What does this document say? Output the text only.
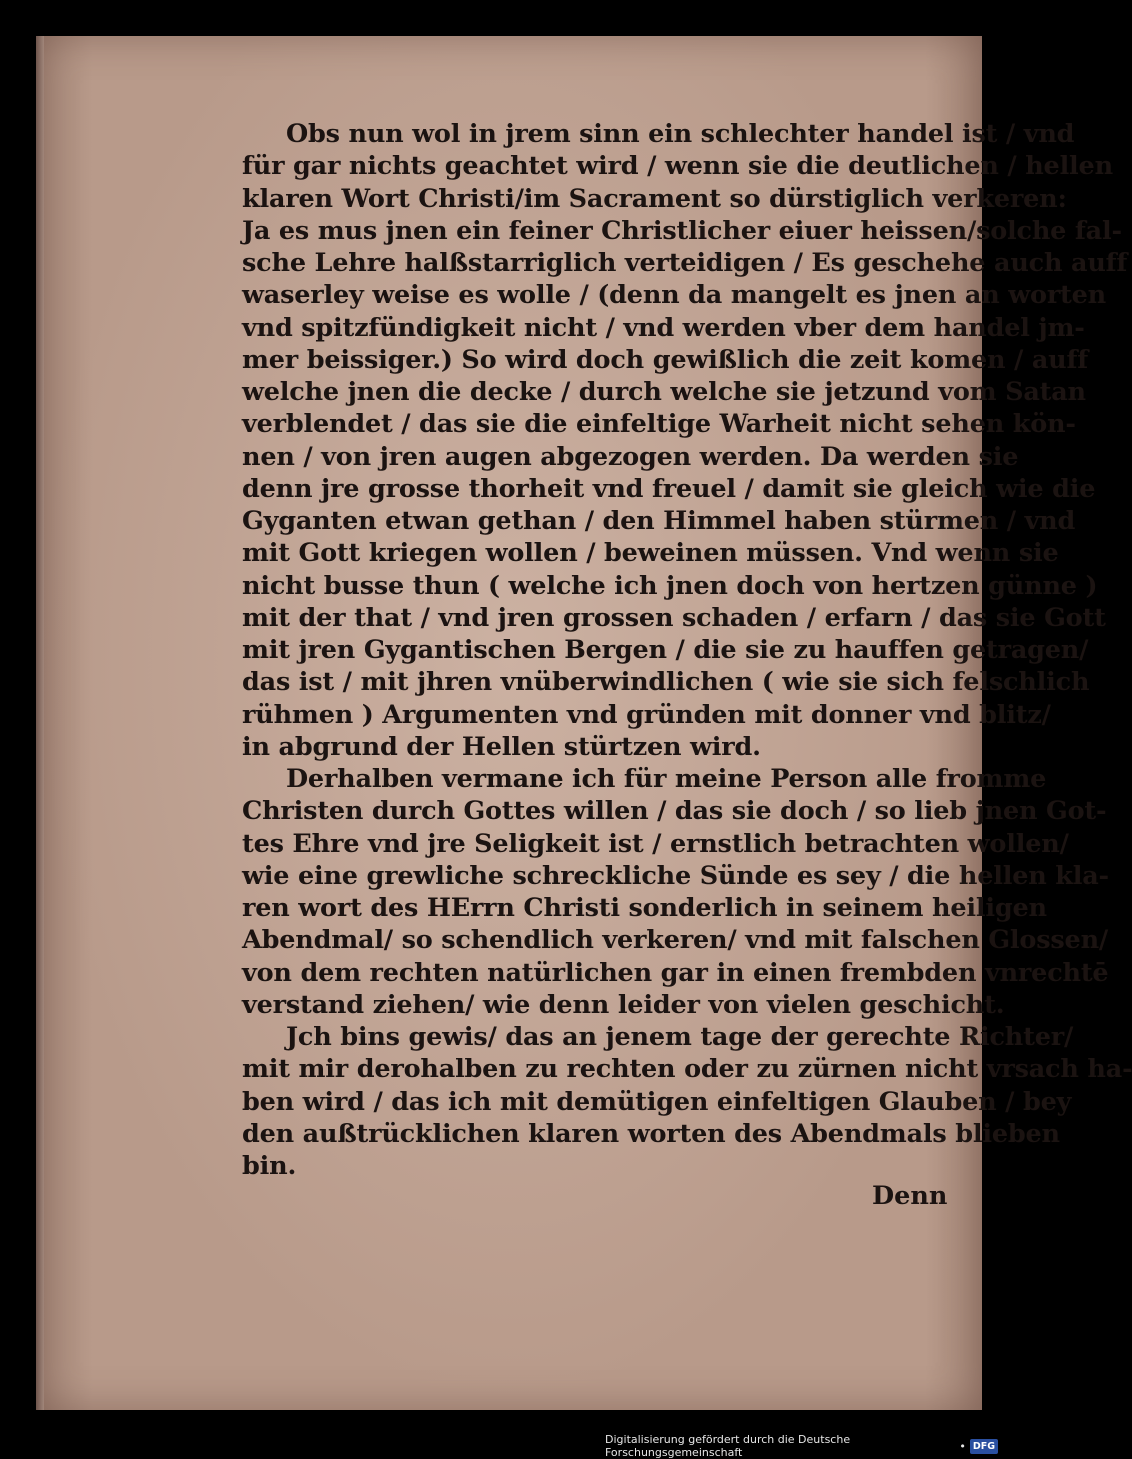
Obs nun wol in jrem sinn ein schlechter handel ist / vnd
für gar nichts geachtet wird / wenn sie die deutlichen / hellen
klaren Wort Christi/im Sacrament so dürstiglich verkeren:
Ja es mus jnen ein feiner Christlicher eiuer heissen/solche fal-
sche Lehre halßstarriglich verteidigen / Es geschehe auch auff
waserley weise es wolle / (denn da mangelt es jnen an worten
vnd spitzfündigkeit nicht / vnd werden vber dem handel jm-
mer beissiger.) So wird doch gewißlich die zeit komen / auff
welche jnen die decke / durch welche sie jetzund vom Satan
verblendet / das sie die einfeltige Warheit nicht sehen kön-
nen / von jren augen abgezogen werden. Da werden sie
denn jre grosse thorheit vnd freuel / damit sie gleich wie die
Gyganten etwan gethan / den Himmel haben stürmen / vnd
mit Gott kriegen wollen / beweinen müssen. Vnd wenn sie
nicht busse thun ( welche ich jnen doch von hertzen günne )
mit der that / vnd jren grossen schaden / erfarn / das sie Gott
mit jren Gygantischen Bergen / die sie zu hauffen getragen/
das ist / mit jhren vnüberwindlichen ( wie sie sich felschlich
rühmen ) Argumenten vnd gründen mit donner vnd blitz/
in abgrund der Hellen stürtzen wird.
Derhalben vermane ich für meine Person alle fromme
Christen durch Gottes willen / das sie doch / so lieb jnen Got-
tes Ehre vnd jre Seligkeit ist / ernstlich betrachten wollen/
wie eine grewliche schreckliche Sünde es sey / die hellen kla-
ren wort des HErrn Christi sonderlich in seinem heiligen
Abendmal/ so schendlich verkeren/ vnd mit falschen Glossen/
von dem rechten natürlichen gar in einen frembden vnrechtē
verstand ziehen/ wie denn leider von vielen geschicht.
Jch bins gewis/ das an jenem tage der gerechte Richter/
mit mir derohalben zu rechten oder zu zürnen nicht vrsach ha-
ben wird / das ich mit demütigen einfeltigen Glauben / bey
den außtrücklichen klaren worten des Abendmals blieben
bin.
Denn
Digitalisierung gefördert durch die Deutsche Forschungsgemeinschaft	• DFG
